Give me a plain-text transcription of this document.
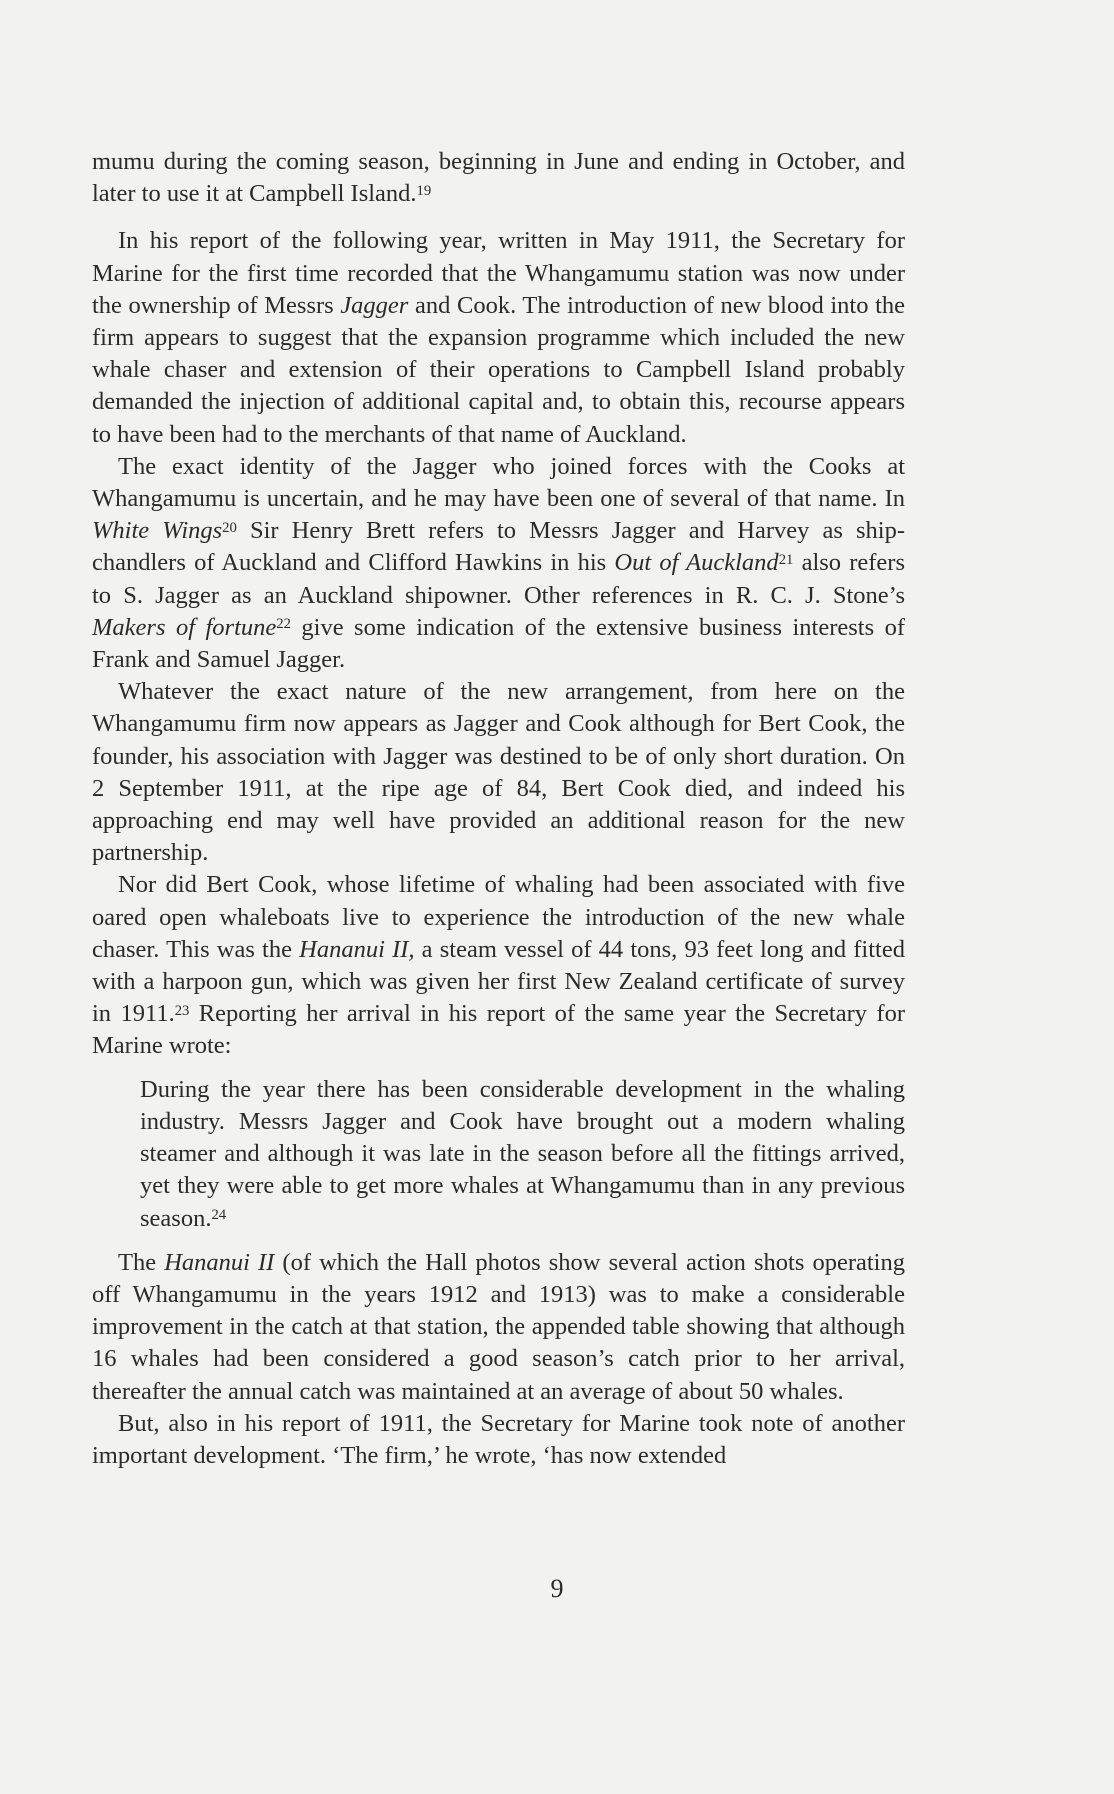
mumu during the coming season, beginning in June and ending in October, and later to use it at Campbell Island.$^{19}$

In his report of the following year, written in May 1911, the Secretary for Marine for the first time recorded that the Whangamumu station was now under the ownership of Messrs Jagger and Cook. The introduction of new blood into the firm appears to suggest that the expansion programme which included the new whale chaser and extension of their operations to Campbell Island probably demanded the injection of additional capital and, to obtain this, recourse appears to have been had to the merchants of that name of Auckland.

The exact identity of the Jagger who joined forces with the Cooks at Whangamumu is uncertain, and he may have been one of several of that name. In White Wings$^{20}$ Sir Henry Brett refers to Messrs Jagger and Harvey as ship-chandlers of Auckland and Clifford Hawkins in his Out of Auckland$^{21}$ also refers to S. Jagger as an Auckland shipowner. Other references in R. C. J. Stone’s Makers of fortune$^{22}$ give some indication of the extensive business interests of Frank and Samuel Jagger.

Whatever the exact nature of the new arrangement, from here on the Whangamumu firm now appears as Jagger and Cook although for Bert Cook, the founder, his association with Jagger was destined to be of only short duration. On 2 September 1911, at the ripe age of 84, Bert Cook died, and indeed his approaching end may well have provided an additional reason for the new partnership.

Nor did Bert Cook, whose lifetime of whaling had been associated with five oared open whaleboats live to experience the introduction of the new whale chaser. This was the Hananui II, a steam vessel of 44 tons, 93 feet long and fitted with a harpoon gun, which was given her first New Zealand certificate of survey in 1911.23 Reporting her arrival in his report of the same year the Secretary for Marine wrote:

During the year there has been considerable development in the whaling industry. Messrs Jagger and Cook have brought out a modern whaling steamer and although it was late in the season before all the fittings arrived, yet they were able to get more whales at Whangamumu than in any previous season.$^{24}$

The Hananui II (of which the Hall photos show several action shots operating off Whangamumu in the years 1912 and 1913) was to make a considerable improvement in the catch at that station, the appended table showing that although 16 whales had been considered a good season’s catch prior to her arrival, thereafter the annual catch was maintained at an average of about 50 whales.

But, also in his report of 1911, the Secretary for Marine took note of another important development. ‘The firm,’ he wrote, ‘has now extended

9
